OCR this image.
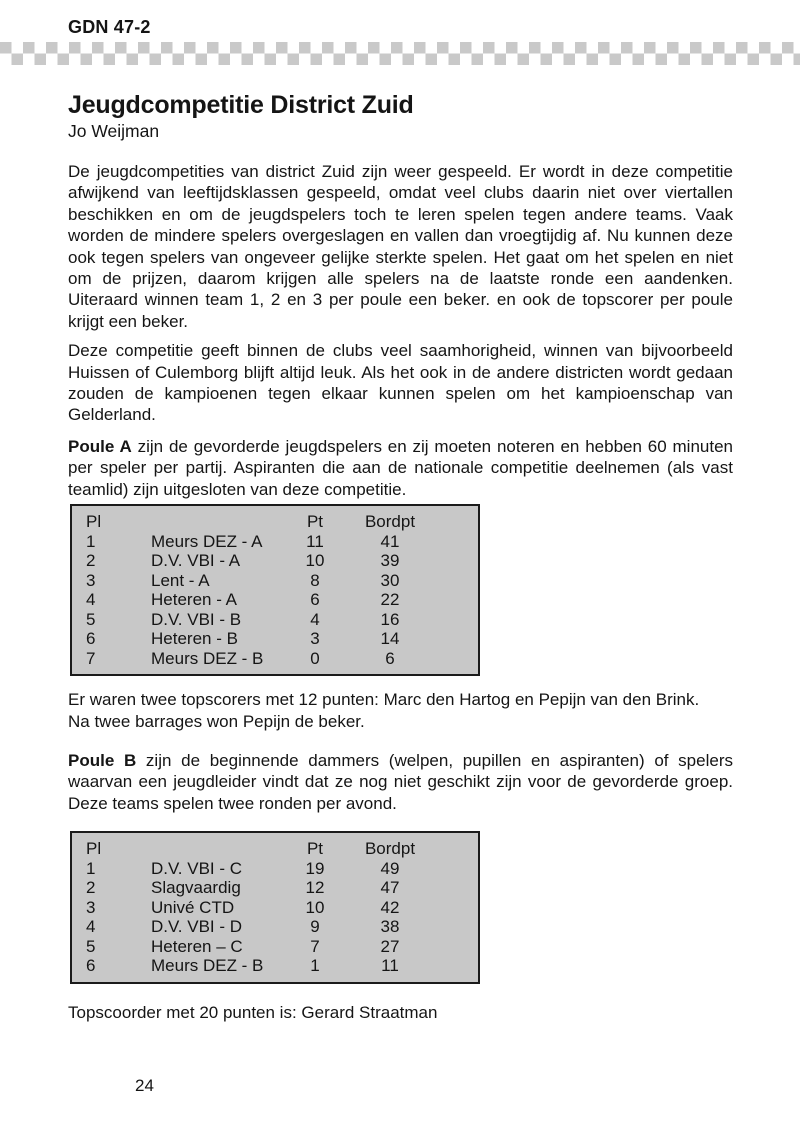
GDN 47-2
Jeugdcompetitie District Zuid
Jo Weijman

De jeugdcompetities van district Zuid zijn weer gespeeld. Er wordt in deze competitie afwijkend van leeftijdsklassen gespeeld, omdat veel clubs daarin niet over viertallen beschikken en om de jeugdspelers toch te leren spelen tegen andere teams. Vaak worden de mindere spelers overgeslagen en vallen dan vroegtijdig af. Nu kunnen deze ook tegen spelers van ongeveer gelijke sterkte spelen. Het gaat om het spelen en niet om de prijzen, daarom krijgen alle spelers na de laatste ronde een aandenken. Uiteraard winnen team 1, 2 en 3 per poule een beker. en ook de topscorer per poule krijgt een beker.

Deze competitie geeft binnen de clubs veel saamhorigheid, winnen van bijvoorbeeld Huissen of Culemborg blijft altijd leuk. Als het ook in de andere districten wordt gedaan zouden de kampioenen tegen elkaar kunnen spelen om het kampioenschap van Gelderland.

Poule A zijn de gevorderde jeugdspelers en zij moeten noteren en hebben 60 minuten per speler per partij. Aspiranten die aan de nationale competitie deelnemen (als vast teamlid) zijn uitgesloten van deze competitie.

Pl		Pt	Bordpt	
1	Meurs DEZ - A	11	41	
2	D.V. VBI - A	10	39	
3	Lent - A	8	30	
4	Heteren - A	6	22	
5	D.V. VBI - B	4	16	
6	Heteren - B	3	14	
7	Meurs DEZ - B	0	6	

Er waren twee topscorers met 12 punten: Marc den Hartog en Pepijn van den Brink.
Na twee barrages won Pepijn de beker.

Poule B zijn de beginnende dammers (welpen, pupillen en aspiranten) of spelers waarvan een jeugdleider vindt dat ze nog niet geschikt zijn voor de gevorderde groep. Deze teams spelen twee ronden per avond.

Pl		Pt	Bordpt	
1	D.V. VBI - C	19	49	
2	Slagvaardig	12	47	
3	Univé CTD	10	42	
4	D.V. VBI - D	9	38	
5	Heteren – C	7	27	
6	Meurs DEZ - B	1	11	

Topscoorder met 20 punten is: Gerard Straatman

24
